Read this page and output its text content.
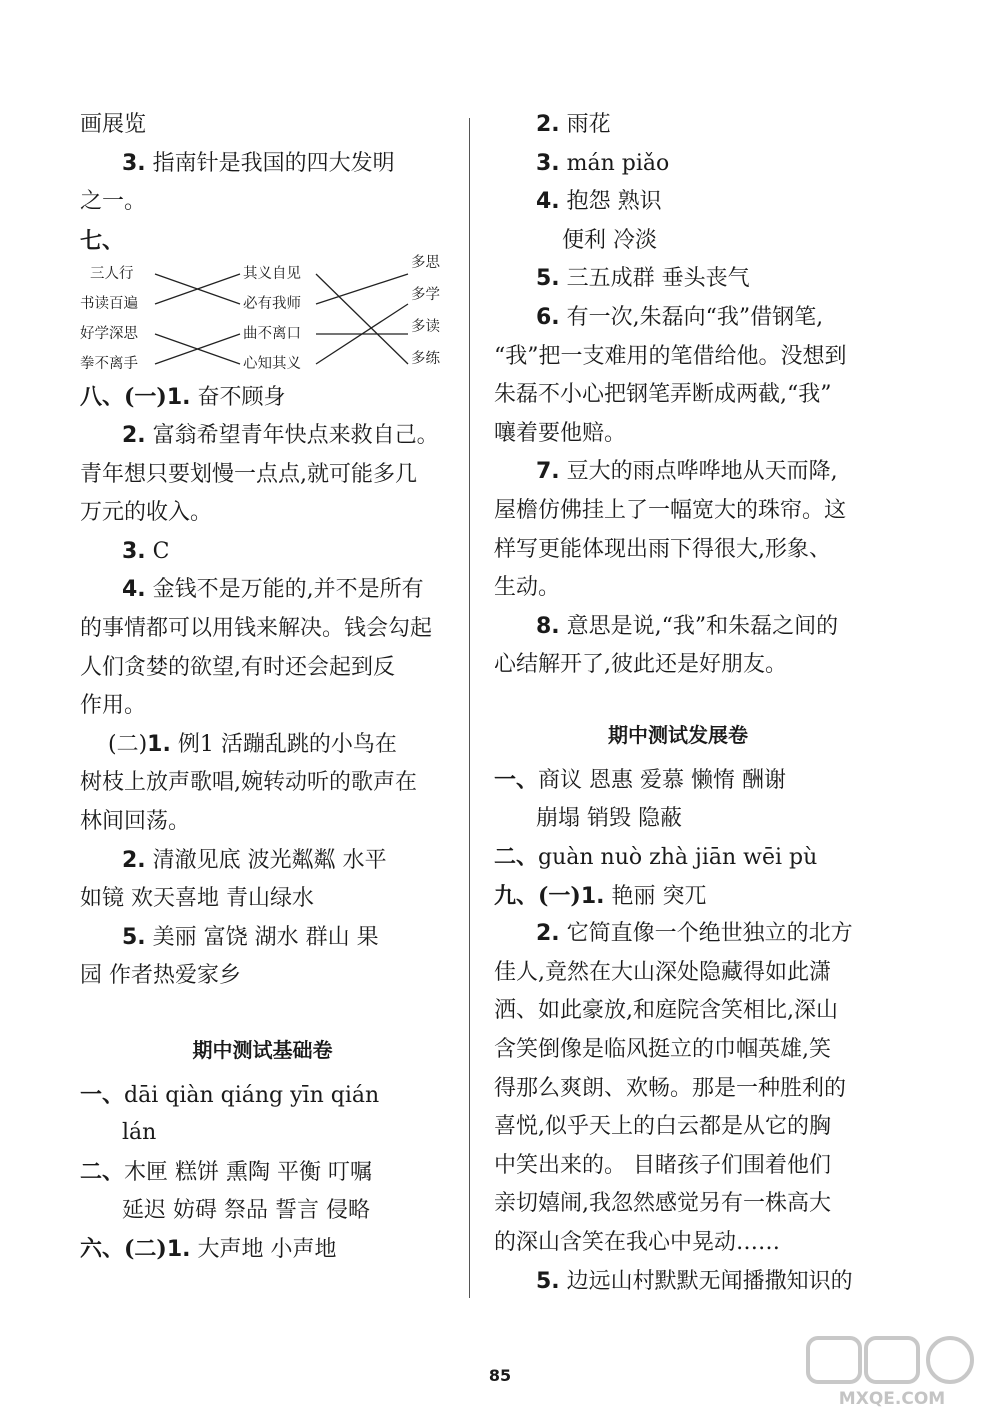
画展览
3. 指南针是我国的四大发明
之一。
七、
三人行
书读百遍
好学深思
拳不离手
其义自见
必有我师
曲不离口
心知其义
多思
多学
多读
多练
八、(一)1. 奋不顾身
2. 富翁希望青年快点来救自己。
青年想只要划慢一点点,就可能多几
万元的收入。
3. C
4. 金钱不是万能的,并不是所有
的事情都可以用钱来解决。钱会勾起
人们贪婪的欲望,有时还会起到反
作用。
(二)1. 例1 活蹦乱跳的小鸟在
树枝上放声歌唱,婉转动听的歌声在
林间回荡。
2. 清澈见底 波光粼粼 水平
如镜 欢天喜地 青山绿水
5. 美丽 富饶 湖水 群山 果
园 作者热爱家乡
期中测试基础卷
一、dāi qiàn qiáng yīn qián
lán
二、木匣 糕饼 熏陶 平衡 叮嘱
延迟 妨碍 祭品 誓言 侵略
六、(二)1. 大声地 小声地
2. 雨花
3. mán piǎo
4. 抱怨 熟识
便利 冷淡
5. 三五成群 垂头丧气
6. 有一次,朱磊向“我”借钢笔,
“我”把一支难用的笔借给他。没想到
朱磊不小心把钢笔弄断成两截,“我”
嚷着要他赔。
7. 豆大的雨点哗哗地从天而降,
屋檐仿佛挂上了一幅宽大的珠帘。这
样写更能体现出雨下得很大,形象、
生动。
8. 意思是说,“我”和朱磊之间的
心结解开了,彼此还是好朋友。
期中测试发展卷
一、商议 恩惠 爱慕 懒惰 酬谢
崩塌 销毁 隐蔽
二、guàn nuò zhà jiān wēi pù
九、(一)1. 艳丽 突兀
2. 它简直像一个绝世独立的北方
佳人,竟然在大山深处隐藏得如此潇
洒、如此豪放,和庭院含笑相比,深山
含笑倒像是临风挺立的巾帼英雄,笑
得那么爽朗、欢畅。那是一种胜利的
喜悦,似乎天上的白云都是从它的胸
中笑出来的。 目睹孩子们围着他们
亲切嬉闹,我忽然感觉另有一株高大
的深山含笑在我心中晃动……
5. 边远山村默默无闻播撒知识的
85
MXQE.COM
